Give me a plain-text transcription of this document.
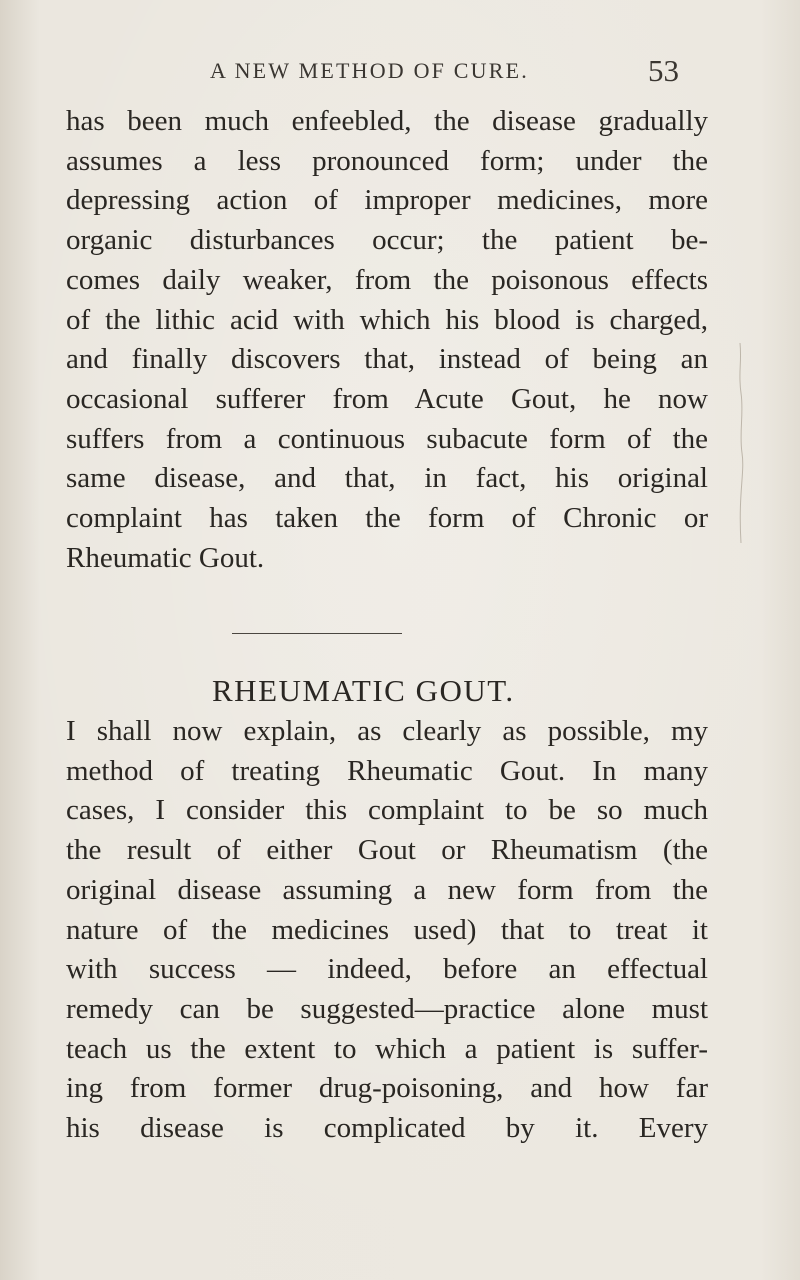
A NEW METHOD OF CURE.	53
has been much enfeebled, the disease gradually
assumes a less pronounced form; under the
depressing action of improper medicines, more
organic disturbances occur; the patient be-
comes daily weaker, from the poisonous effects
of the lithic acid with which his blood is charged,
and finally discovers that, instead of being an
occasional sufferer from Acute Gout, he now
suffers from a continuous subacute form of the
same disease, and that, in fact, his original
complaint has taken the form of Chronic or
Rheumatic Gout.
RHEUMATIC GOUT.
I shall now explain, as clearly as possible, my
method of treating Rheumatic Gout. In many
cases, I consider this complaint to be so much
the result of either Gout or Rheumatism (the
original disease assuming a new form from the
nature of the medicines used) that to treat it
with success — indeed, before an effectual
remedy can be suggested—practice alone must
teach us the extent to which a patient is suffer-
ing from former drug-poisoning, and how far
his disease is complicated by it. Every
